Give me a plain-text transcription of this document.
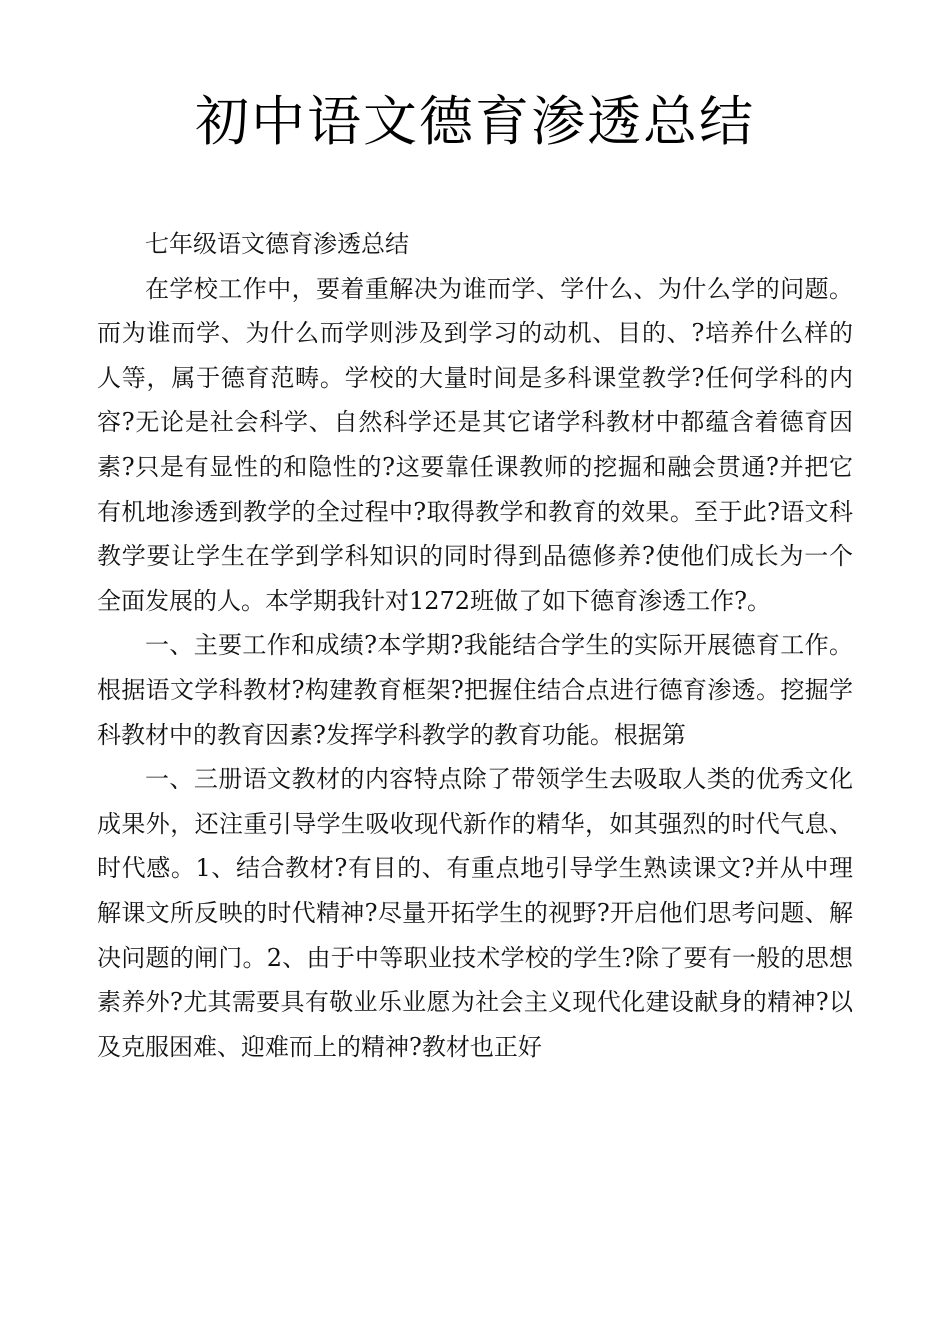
初中语文德育渗透总结

七年级语文德育渗透总结

在学校工作中，要着重解决为谁而学、学什么、为什么学的问题。而为谁而学、为什么而学则涉及到学习的动机、目的、?培养什么样的人等，属于德育范畴。学校的大量时间是多科课堂教学?任何学科的内容?无论是社会科学、自然科学还是其它诸学科教材中都蕴含着德育因素?只是有显性的和隐性的?这要靠任课教师的挖掘和融会贯通?并把它有机地渗透到教学的全过程中?取得教学和教育的效果。至于此?语文科教学要让学生在学到学科知识的同时得到品德修养?使他们成长为一个全面发展的人。本学期我针对1272班做了如下德育渗透工作?。

一、主要工作和成绩?本学期?我能结合学生的实际开展德育工作。根据语文学科教材?构建教育框架?把握住结合点进行德育渗透。挖掘学科教材中的教育因素?发挥学科教学的教育功能。根据第

一、三册语文教材的内容特点除了带领学生去吸取人类的优秀文化成果外，还注重引导学生吸收现代新作的精华，如其强烈的时代气息、时代感。1、结合教材?有目的、有重点地引导学生熟读课文?并从中理解课文所反映的时代精神?尽量开拓学生的视野?开启他们思考问题、解决问题的闸门。2、由于中等职业技术学校的学生?除了要有一般的思想素养外?尤其需要具有敬业乐业愿为社会主义现代化建设献身的精神?以及克服困难、迎难而上的精神?教材也正好
